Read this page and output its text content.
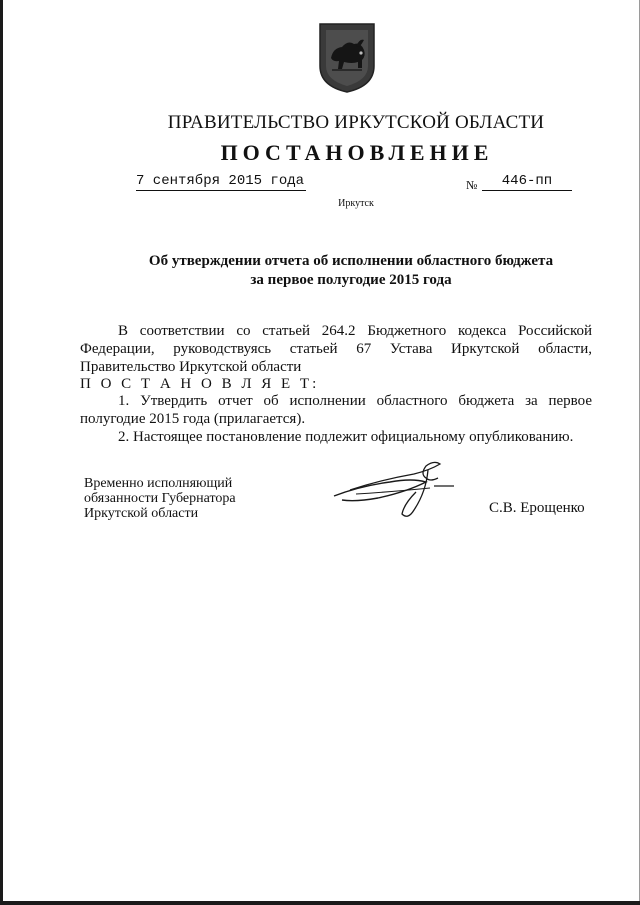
ПРАВИТЕЛЬСТВО ИРКУТСКОЙ ОБЛАСТИ
ПОСТАНОВЛЕНИЕ
7 сентября 2015 года	№	446-пп
Иркутск
Об утверждении отчета об исполнении областного бюджета
за первое полугодие 2015 года
В соответствии со статьей 264.2 Бюджетного кодекса Российской Федерации, руководствуясь статьей 67 Устава Иркутской области, Правительство Иркутской области
П О С Т А Н О В Л Я Е Т:
1. Утвердить отчет об исполнении областного бюджета за первое полугодие 2015 года (прилагается).
2. Настоящее постановление подлежит официальному опубликованию.
Временно исполняющий
обязанности Губернатора
Иркутской области	С.В. Ерощенко
